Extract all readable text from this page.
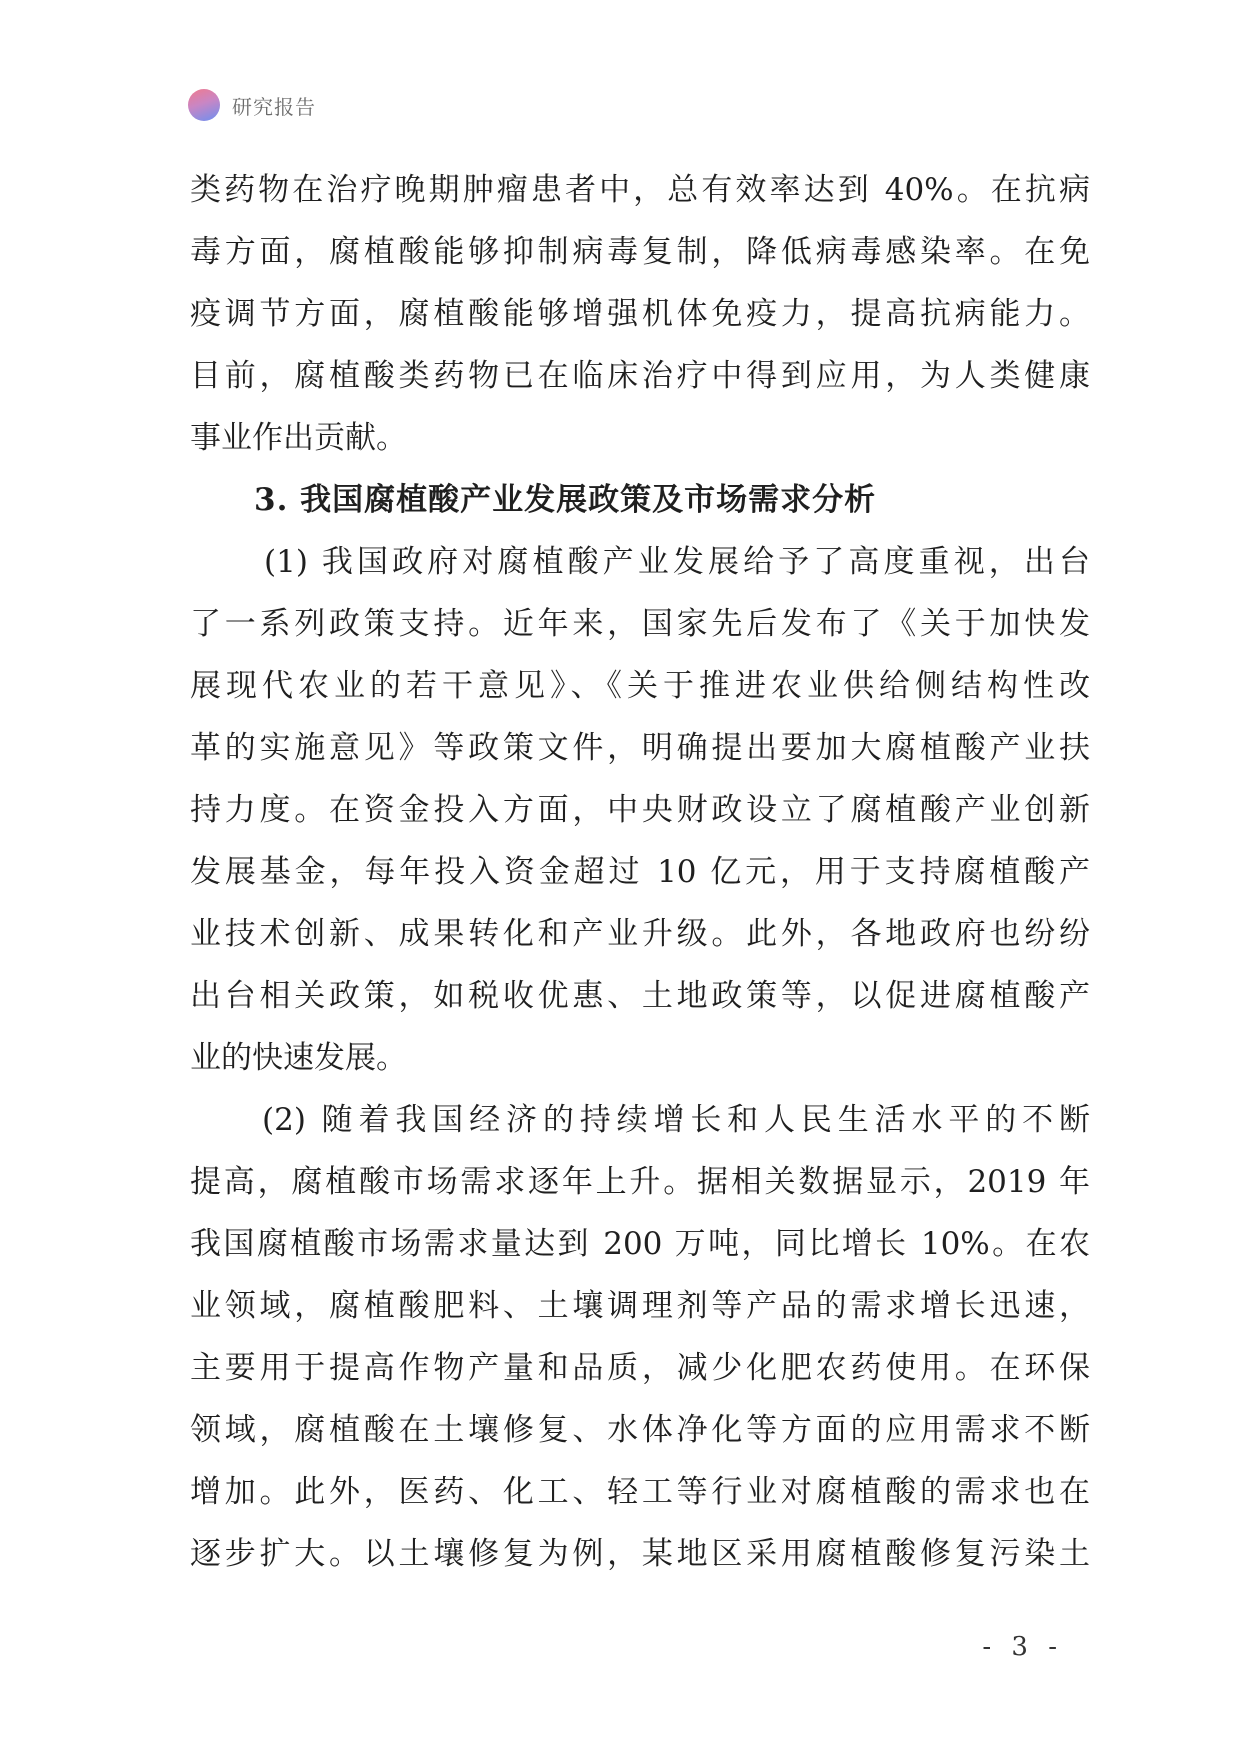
研究报告
类药物在治疗晚期肿瘤患者中，总有效率达到 40%。在抗病
毒方面，腐植酸能够抑制病毒复制，降低病毒感染率。在免
疫调节方面，腐植酸能够增强机体免疫力，提高抗病能力。
目前，腐植酸类药物已在临床治疗中得到应用，为人类健康
事业作出贡献。
3. 我国腐植酸产业发展政策及市场需求分析
(1) 我国政府对腐植酸产业发展给予了高度重视，出台
了一系列政策支持。近年来，国家先后发布了《关于加快发
展现代农业的若干意见》、《关于推进农业供给侧结构性改
革的实施意见》等政策文件，明确提出要加大腐植酸产业扶
持力度。在资金投入方面，中央财政设立了腐植酸产业创新
发展基金，每年投入资金超过 10 亿元，用于支持腐植酸产
业技术创新、成果转化和产业升级。此外，各地政府也纷纷
出台相关政策，如税收优惠、土地政策等，以促进腐植酸产
业的快速发展。
(2) 随着我国经济的持续增长和人民生活水平的不断
提高，腐植酸市场需求逐年上升。据相关数据显示，2019 年
我国腐植酸市场需求量达到 200 万吨，同比增长 10%。在农
业领域，腐植酸肥料、土壤调理剂等产品的需求增长迅速，
主要用于提高作物产量和品质，减少化肥农药使用。在环保
领域，腐植酸在土壤修复、水体净化等方面的应用需求不断
增加。此外，医药、化工、轻工等行业对腐植酸的需求也在
逐步扩大。以土壤修复为例，某地区采用腐植酸修复污染土
- 3 -
